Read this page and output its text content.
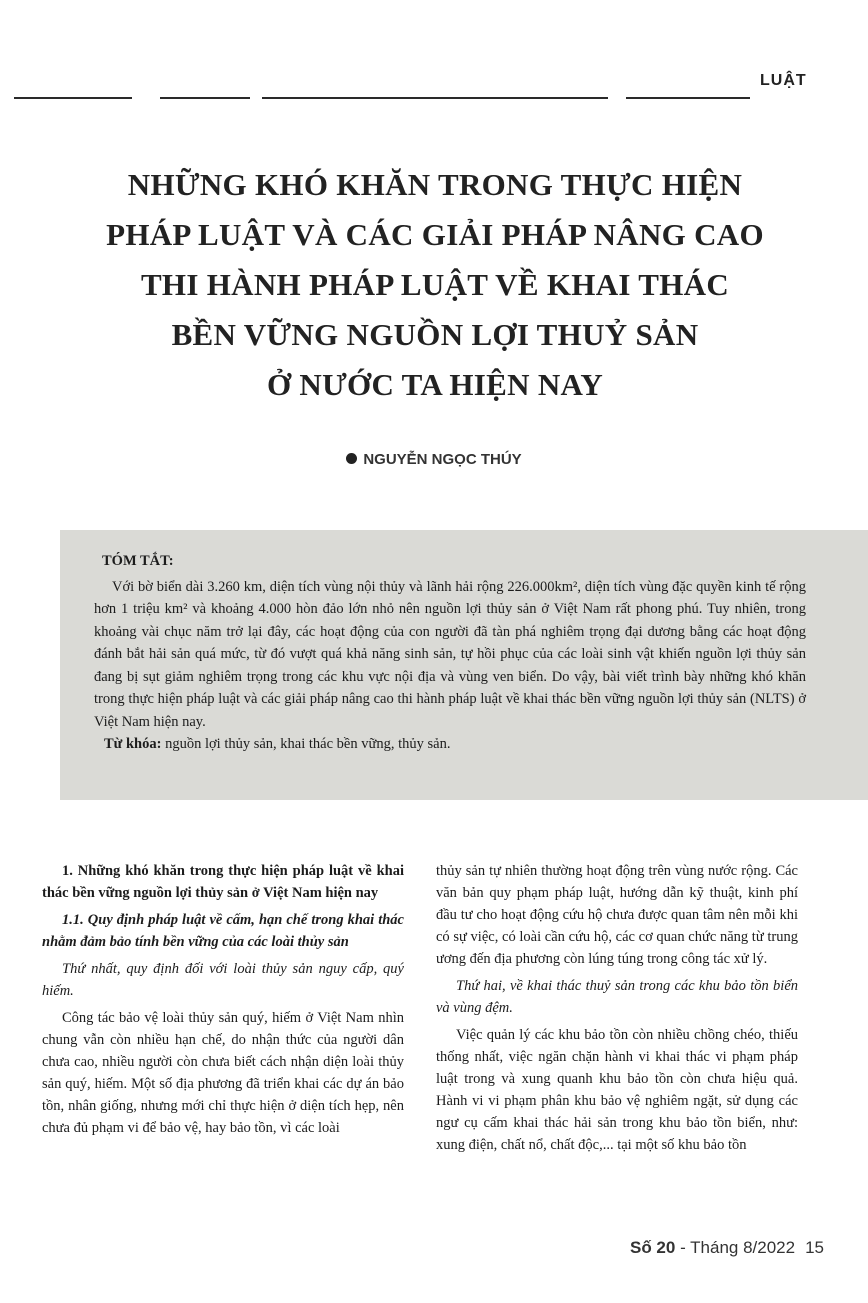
LUẬT
NHỮNG KHÓ KHĂN TRONG THỰC HIỆN
PHÁP LUẬT VÀ CÁC GIẢI PHÁP NÂNG CAO
THI HÀNH PHÁP LUẬT VỀ KHAI THÁC
BỀN VỮNG NGUỒN LỢI THUỶ SẢN
Ở NƯỚC TA HIỆN NAY
NGUYỄN NGỌC THÚY
TÓM TẮT:

Với bờ biển dài 3.260 km, diện tích vùng nội thủy và lãnh hải rộng 226.000km², diện tích vùng đặc quyền kinh tế rộng hơn 1 triệu km² và khoảng 4.000 hòn đảo lớn nhỏ nên nguồn lợi thủy sản ở Việt Nam rất phong phú. Tuy nhiên, trong khoảng vài chục năm trở lại đây, các hoạt động của con người đã tàn phá nghiêm trọng đại dương bằng các hoạt động đánh bắt hải sản quá mức, từ đó vượt quá khả năng sinh sản, tự hồi phục của các loài sinh vật khiến nguồn lợi thủy sản đang bị sụt giảm nghiêm trọng trong các khu vực nội địa và vùng ven biển. Do vậy, bài viết trình bày những khó khăn trong thực hiện pháp luật và các giải pháp nâng cao thi hành pháp luật về khai thác bền vững nguồn lợi thủy sản (NLTS) ở Việt Nam hiện nay.

Từ khóa: nguồn lợi thủy sản, khai thác bền vững, thủy sản.

1. Những khó khăn trong thực hiện pháp luật về khai thác bền vững nguồn lợi thủy sản ở Việt Nam hiện nay

1.1. Quy định pháp luật về cấm, hạn chế trong khai thác nhằm đảm bảo tính bền vững của các loài thủy sản

Thứ nhất, quy định đối với loài thủy sản nguy cấp, quý hiếm.

Công tác bảo vệ loài thủy sản quý, hiếm ở Việt Nam nhìn chung vẫn còn nhiều hạn chế, do nhận thức của người dân chưa cao, nhiều người còn chưa biết cách nhận diện loài thủy sản quý, hiếm. Một số địa phương đã triển khai các dự án bảo tồn, nhân giống, nhưng mới chỉ thực hiện ở diện tích hẹp, nên chưa đủ phạm vi để bảo vệ, hay bảo tồn, vì các loài

thủy sản tự nhiên thường hoạt động trên vùng nước rộng. Các văn bản quy phạm pháp luật, hướng dẫn kỹ thuật, kinh phí đầu tư cho hoạt động cứu hộ chưa được quan tâm nên mỗi khi có sự việc, có loài cần cứu hộ, các cơ quan chức năng từ trung ương đến địa phương còn lúng túng trong công tác xử lý.

Thứ hai, về khai thác thuỷ sản trong các khu bảo tồn biển và vùng đệm.

Việc quản lý các khu bảo tồn còn nhiều chồng chéo, thiếu thống nhất, việc ngăn chặn hành vi khai thác vi phạm pháp luật trong và xung quanh khu bảo tồn còn chưa hiệu quả. Hành vi vi phạm phân khu bảo vệ nghiêm ngặt, sử dụng các ngư cụ cấm khai thác hải sản trong khu bảo tồn biển, như: xung điện, chất nổ, chất độc,... tại một số khu bảo tồn

Số 20 - Tháng 8/2022 15
